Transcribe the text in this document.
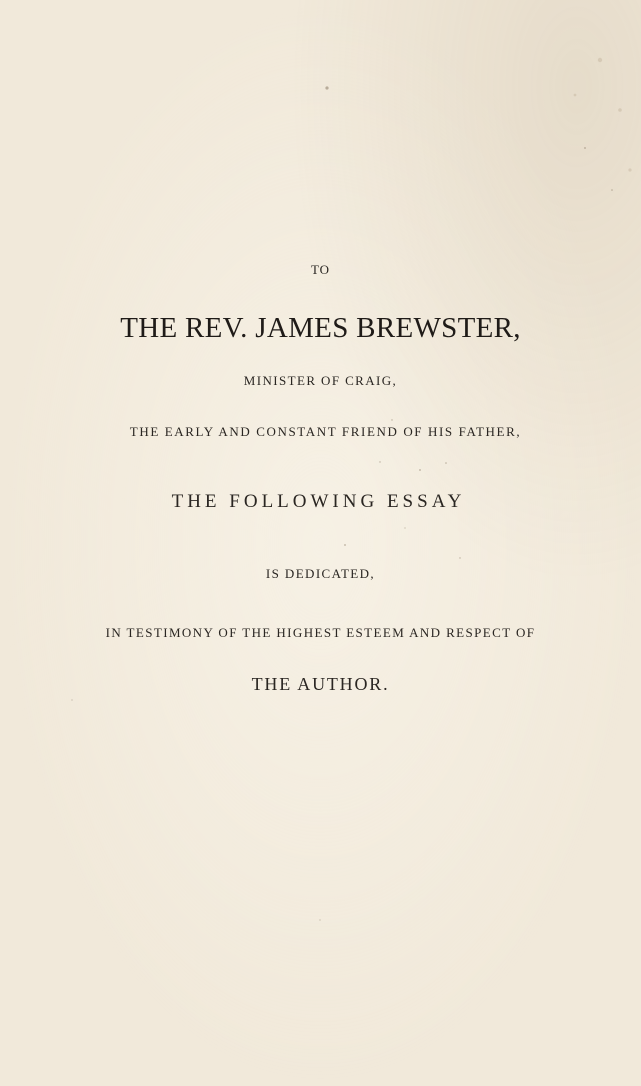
TO
THE REV. JAMES BREWSTER,
MINISTER OF CRAIG,
THE EARLY AND CONSTANT FRIEND OF HIS FATHER,
THE FOLLOWING ESSAY
IS DEDICATED,
IN TESTIMONY OF THE HIGHEST ESTEEM AND RESPECT OF
THE AUTHOR.
